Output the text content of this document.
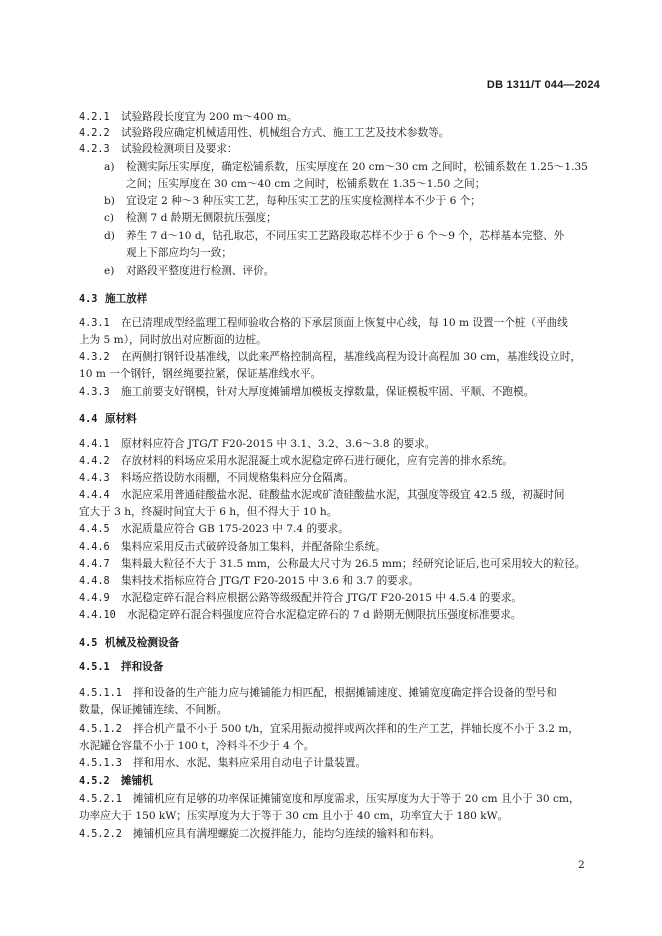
DB 1311/T 044—2024
4.2.1 试验路段长度宜为 200 m～400 m。
4.2.2 试验路段应确定机械适用性、机械组合方式、施工工艺及技术参数等。
4.2.3 试验段检测项目及要求：
a) 检测实际压实厚度，确定松铺系数，压实厚度在 20 cm～30 cm 之间时，松铺系数在 1.25～1.35
之间；压实厚度在 30 cm～40 cm 之间时，松铺系数在 1.35～1.50 之间；
b) 宜设定 2 种～3 种压实工艺，每种压实工艺的压实度检测样本不少于 6 个；
c) 检测 7 d 龄期无侧限抗压强度；
d) 养生 7 d～10 d，钻孔取芯，不同压实工艺路段取芯样不少于 6 个～9 个，芯样基本完整、外
观上下部应均匀一致；
e) 对路段平整度进行检测、评价。
4.3 施工放样
4.3.1 在已清理成型经监理工程师验收合格的下承层顶面上恢复中心线，每 10 m 设置一个桩（平曲线
上为 5 m），同时放出对应断面的边桩。
4.3.2 在两侧打钢钎设基准线，以此来严格控制高程，基准线高程为设计高程加 30 cm，基准线设立时，
10 m 一个钢钎，钢丝绳要拉紧，保证基准线水平。
4.3.3 施工前要支好钢模，针对大厚度摊铺增加模板支撑数量，保证模板牢固、平顺、不跑模。
4.4 原材料
4.4.1 原材料应符合 JTG/T F20-2015 中 3.1、3.2、3.6～3.8 的要求。
4.4.2 存放材料的料场应采用水泥混凝土或水泥稳定碎石进行硬化，应有完善的排水系统。
4.4.3 料场应搭设防水雨棚，不同规格集料应分仓隔离。
4.4.4 水泥应采用普通硅酸盐水泥、硅酸盐水泥或矿渣硅酸盐水泥，其强度等级宜 42.5 级，初凝时间
宜大于 3 h，终凝时间宜大于 6 h，但不得大于 10 h。
4.4.5 水泥质量应符合 GB 175-2023 中 7.4 的要求。
4.4.6 集料应采用反击式破碎设备加工集料，并配备除尘系统。
4.4.7 集料最大粒径不大于 31.5 mm，公称最大尺寸为 26.5 mm；经研究论证后,也可采用较大的粒径。
4.4.8 集料技术指标应符合 JTG/T F20-2015 中 3.6 和 3.7 的要求。
4.4.9 水泥稳定碎石混合料应根据公路等级级配并符合 JTG/T F20-2015 中 4.5.4 的要求。
4.4.10 水泥稳定碎石混合料强度应符合水泥稳定碎石的 7 d 龄期无侧限抗压强度标准要求。
4.5 机械及检测设备
4.5.1 拌和设备
4.5.1.1 拌和设备的生产能力应与摊铺能力相匹配，根据摊铺速度、摊铺宽度确定拌合设备的型号和
数量，保证摊铺连续、不间断。
4.5.1.2 拌合机产量不小于 500 t/h，宜采用振动搅拌或两次拌和的生产工艺，拌轴长度不小于 3.2 m，
水泥罐仓容量不小于 100 t，冷料斗不少于 4 个。
4.5.1.3 拌和用水、水泥、集料应采用自动电子计量装置。
4.5.2 摊铺机
4.5.2.1 摊铺机应有足够的功率保证摊铺宽度和厚度需求，压实厚度为大于等于 20 cm 且小于 30 cm，
功率应大于 150 kW；压实厚度为大于等于 30 cm 且小于 40 cm，功率宜大于 180 kW。
4.5.2.2 摊铺机应具有满埋螺旋二次搅拌能力，能均匀连续的输料和布料。
2
